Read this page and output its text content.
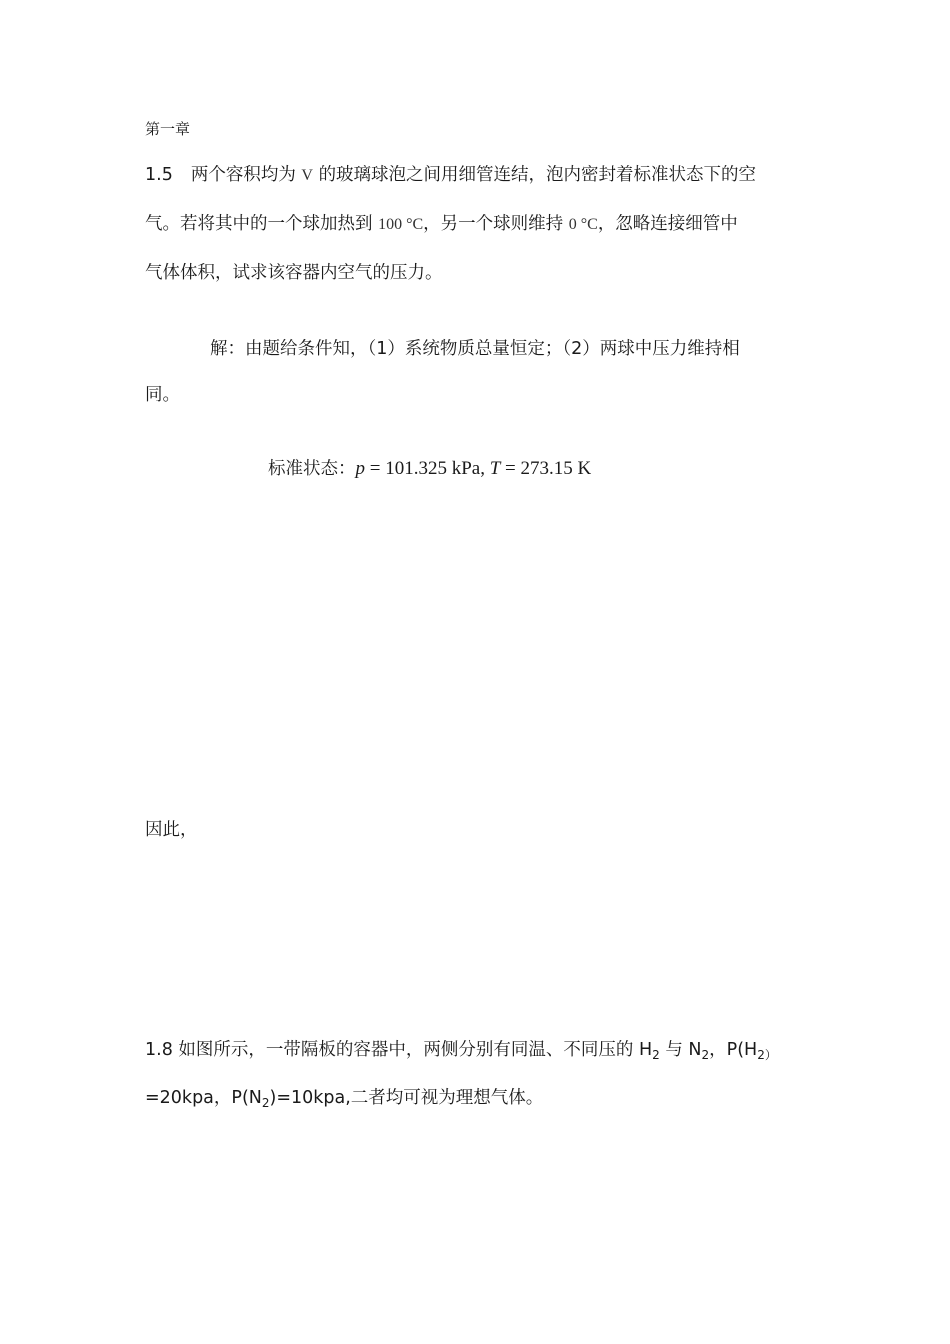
第一章
1.5 两个容积均为 V 的玻璃球泡之间用细管连结，泡内密封着标准状态下的空
气。若将其中的一个球加热到 100 °C，另一个球则维持 0 °C，忽略连接细管中
气体体积，试求该容器内空气的压力。
解：由题给条件知，（1）系统物质总量恒定；（2）两球中压力维持相
同。
标准状态：p = 101.325 kPa, T = 273.15 K
因此，
1.8 如图所示，一带隔板的容器中，两侧分别有同温、不同压的 $H_2$ 与 $N_2$，$P(H_{2)}$
=20kpa，$P(N_2)=10kpa$,二者均可视为理想气体。
